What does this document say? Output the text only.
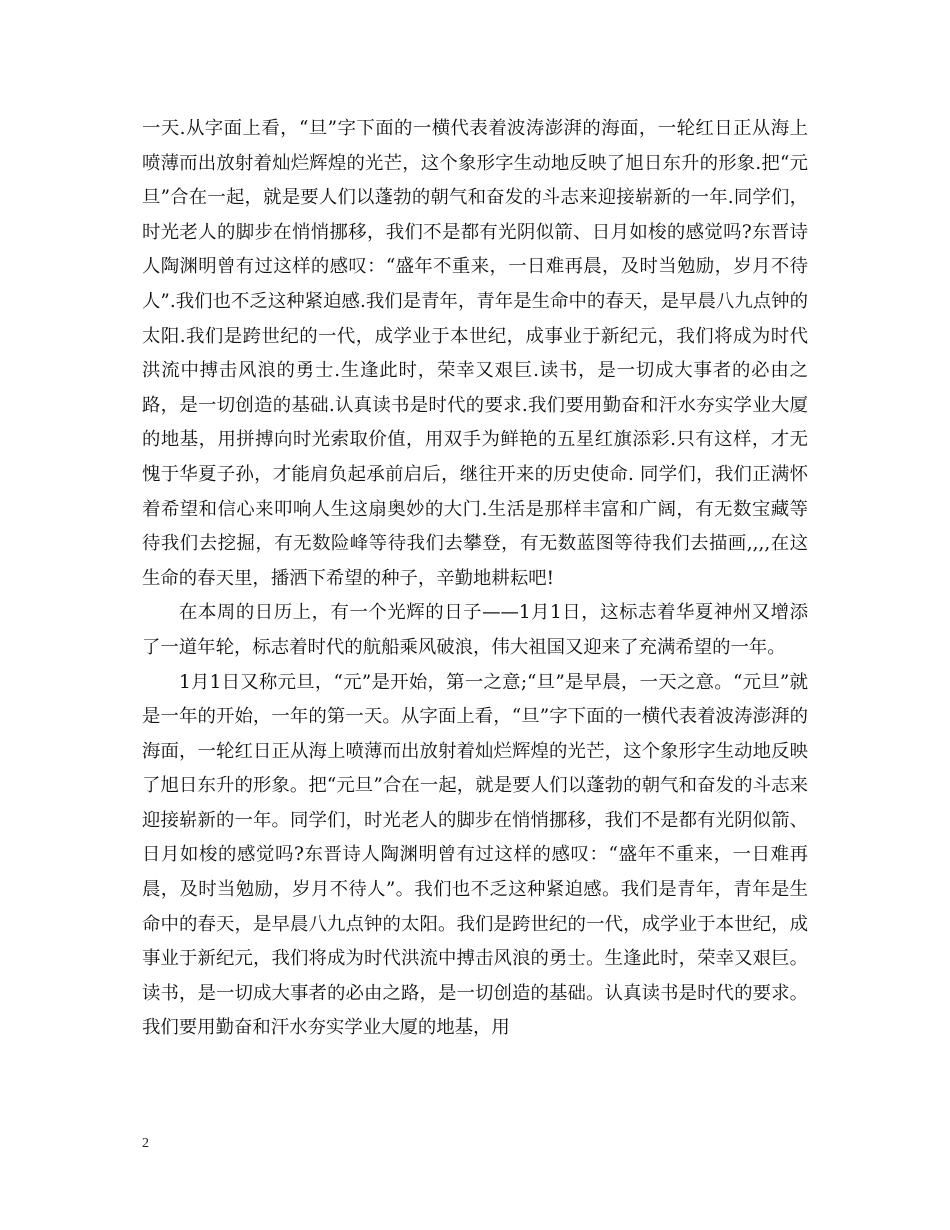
一天.从字面上看，“旦”字下面的一横代表着波涛澎湃的海面，一轮红日正从海上喷薄而出放射着灿烂辉煌的光芒，这个象形字生动地反映了旭日东升的形象.把“元旦”合在一起，就是要人们以蓬勃的朝气和奋发的斗志来迎接崭新的一年.同学们，时光老人的脚步在悄悄挪移，我们不是都有光阴似箭、日月如梭的感觉吗?东晋诗人陶渊明曾有过这样的感叹：“盛年不重来，一日难再晨，及时当勉励，岁月不待人”.我们也不乏这种紧迫感.我们是青年，青年是生命中的春天，是早晨八九点钟的太阳.我们是跨世纪的一代，成学业于本世纪，成事业于新纪元，我们将成为时代洪流中搏击风浪的勇士.生逢此时，荣幸又艰巨.读书，是一切成大事者的必由之路，是一切创造的基础.认真读书是时代的要求.我们要用勤奋和汗水夯实学业大厦的地基，用拼搏向时光索取价值，用双手为鲜艳的五星红旗添彩.只有这样，才无愧于华夏子孙，才能肩负起承前启后，继往开来的历史使命. 同学们，我们正满怀着希望和信心来叩响人生这扇奥妙的大门.生活是那样丰富和广阔，有无数宝藏等待我们去挖掘，有无数险峰等待我们去攀登，有无数蓝图等待我们去描画,,,,在这生命的春天里，播洒下希望的种子，辛勤地耕耘吧!

在本周的日历上，有一个光辉的日子——1月1日，这标志着华夏神州又增添了一道年轮，标志着时代的航船乘风破浪，伟大祖国又迎来了充满希望的一年。

1月1日又称元旦，“元”是开始，第一之意;“旦”是早晨，一天之意。“元旦”就是一年的开始，一年的第一天。从字面上看，“旦”字下面的一横代表着波涛澎湃的海面，一轮红日正从海上喷薄而出放射着灿烂辉煌的光芒，这个象形字生动地反映了旭日东升的形象。把“元旦”合在一起，就是要人们以蓬勃的朝气和奋发的斗志来迎接崭新的一年。同学们，时光老人的脚步在悄悄挪移，我们不是都有光阴似箭、日月如梭的感觉吗?东晋诗人陶渊明曾有过这样的感叹：“盛年不重来，一日难再晨，及时当勉励，岁月不待人”。我们也不乏这种紧迫感。我们是青年，青年是生命中的春天，是早晨八九点钟的太阳。我们是跨世纪的一代，成学业于本世纪，成事业于新纪元，我们将成为时代洪流中搏击风浪的勇士。生逢此时，荣幸又艰巨。读书，是一切成大事者的必由之路，是一切创造的基础。认真读书是时代的要求。我们要用勤奋和汗水夯实学业大厦的地基，用

2
